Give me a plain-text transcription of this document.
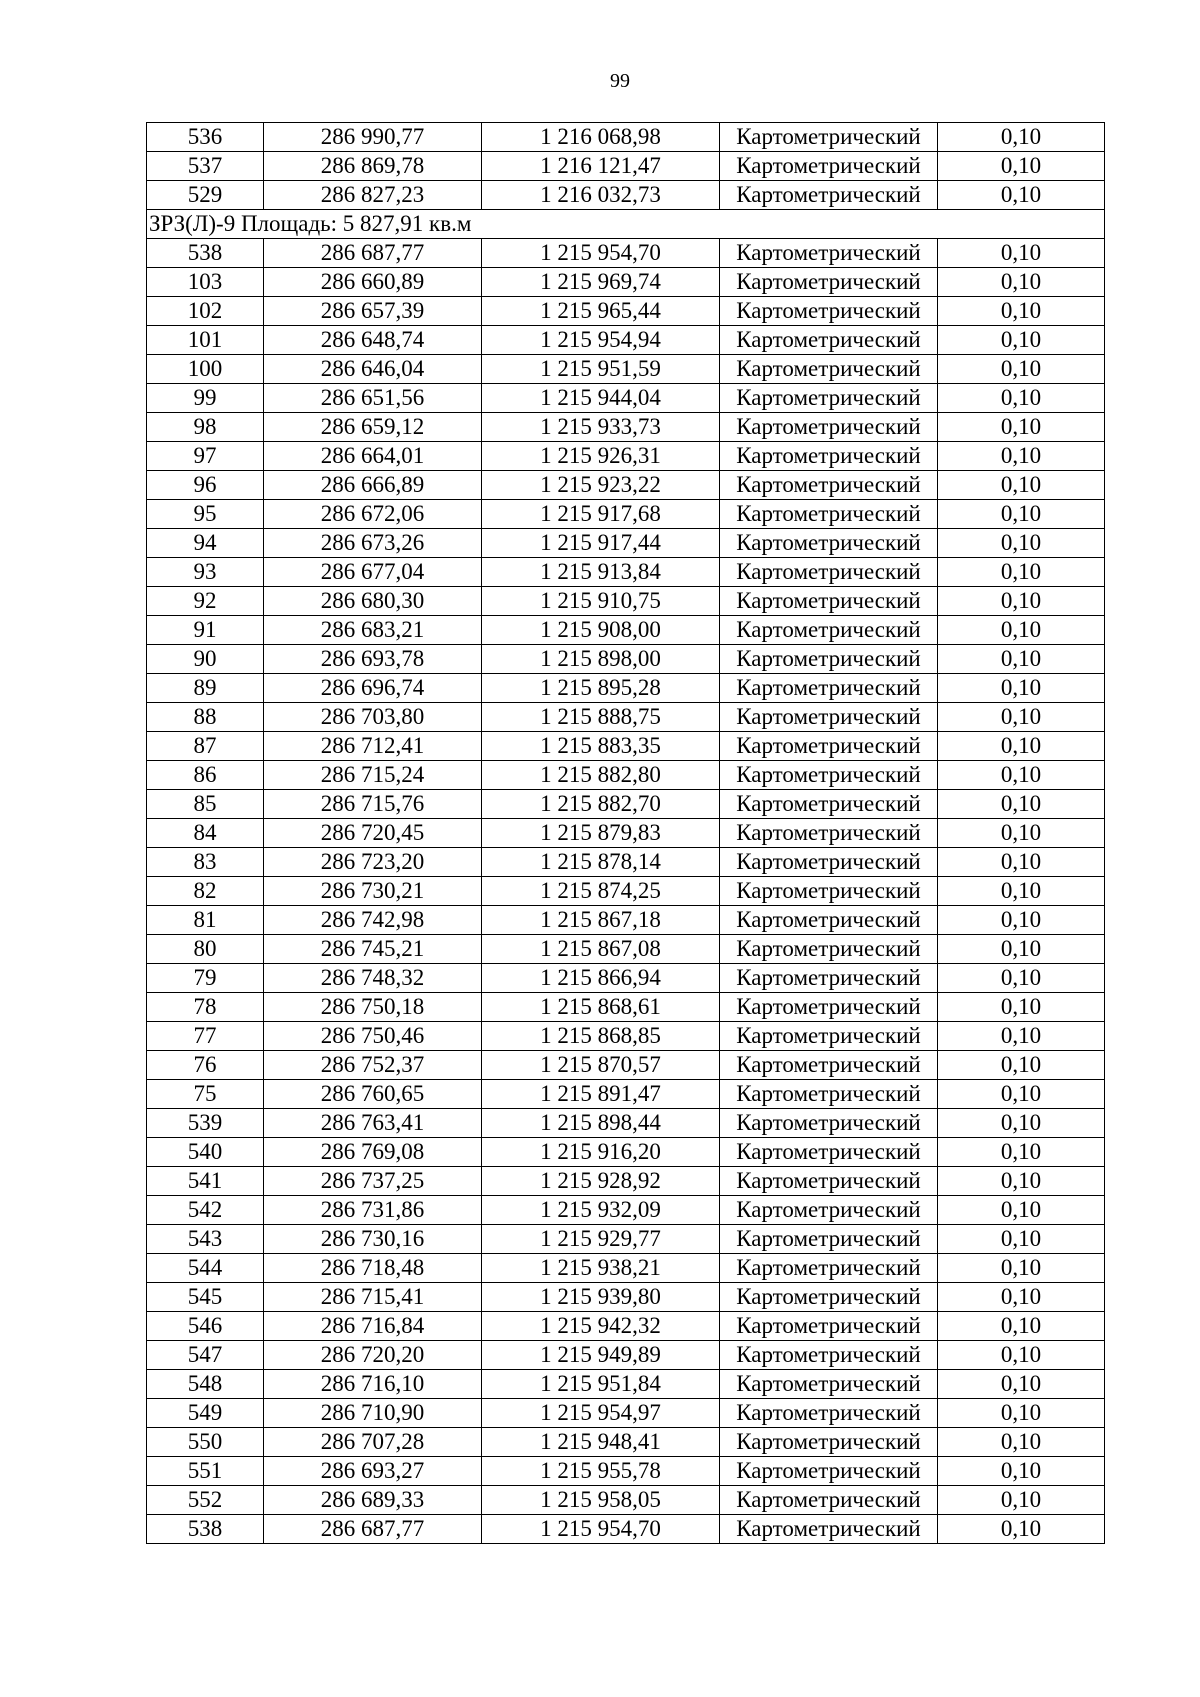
99
536	286 990,77	1 216 068,98	Картометрический	0,10
537	286 869,78	1 216 121,47	Картометрический	0,10
529	286 827,23	1 216 032,73	Картометрический	0,10
ЗРЗ(Л)-9 Площадь: 5 827,91 кв.м				
538	286 687,77	1 215 954,70	Картометрический	0,10
103	286 660,89	1 215 969,74	Картометрический	0,10
102	286 657,39	1 215 965,44	Картометрический	0,10
101	286 648,74	1 215 954,94	Картометрический	0,10
100	286 646,04	1 215 951,59	Картометрический	0,10
99	286 651,56	1 215 944,04	Картометрический	0,10
98	286 659,12	1 215 933,73	Картометрический	0,10
97	286 664,01	1 215 926,31	Картометрический	0,10
96	286 666,89	1 215 923,22	Картометрический	0,10
95	286 672,06	1 215 917,68	Картометрический	0,10
94	286 673,26	1 215 917,44	Картометрический	0,10
93	286 677,04	1 215 913,84	Картометрический	0,10
92	286 680,30	1 215 910,75	Картометрический	0,10
91	286 683,21	1 215 908,00	Картометрический	0,10
90	286 693,78	1 215 898,00	Картометрический	0,10
89	286 696,74	1 215 895,28	Картометрический	0,10
88	286 703,80	1 215 888,75	Картометрический	0,10
87	286 712,41	1 215 883,35	Картометрический	0,10
86	286 715,24	1 215 882,80	Картометрический	0,10
85	286 715,76	1 215 882,70	Картометрический	0,10
84	286 720,45	1 215 879,83	Картометрический	0,10
83	286 723,20	1 215 878,14	Картометрический	0,10
82	286 730,21	1 215 874,25	Картометрический	0,10
81	286 742,98	1 215 867,18	Картометрический	0,10
80	286 745,21	1 215 867,08	Картометрический	0,10
79	286 748,32	1 215 866,94	Картометрический	0,10
78	286 750,18	1 215 868,61	Картометрический	0,10
77	286 750,46	1 215 868,85	Картометрический	0,10
76	286 752,37	1 215 870,57	Картометрический	0,10
75	286 760,65	1 215 891,47	Картометрический	0,10
539	286 763,41	1 215 898,44	Картометрический	0,10
540	286 769,08	1 215 916,20	Картометрический	0,10
541	286 737,25	1 215 928,92	Картометрический	0,10
542	286 731,86	1 215 932,09	Картометрический	0,10
543	286 730,16	1 215 929,77	Картометрический	0,10
544	286 718,48	1 215 938,21	Картометрический	0,10
545	286 715,41	1 215 939,80	Картометрический	0,10
546	286 716,84	1 215 942,32	Картометрический	0,10
547	286 720,20	1 215 949,89	Картометрический	0,10
548	286 716,10	1 215 951,84	Картометрический	0,10
549	286 710,90	1 215 954,97	Картометрический	0,10
550	286 707,28	1 215 948,41	Картометрический	0,10
551	286 693,27	1 215 955,78	Картометрический	0,10
552	286 689,33	1 215 958,05	Картометрический	0,10
538	286 687,77	1 215 954,70	Картометрический	0,10
